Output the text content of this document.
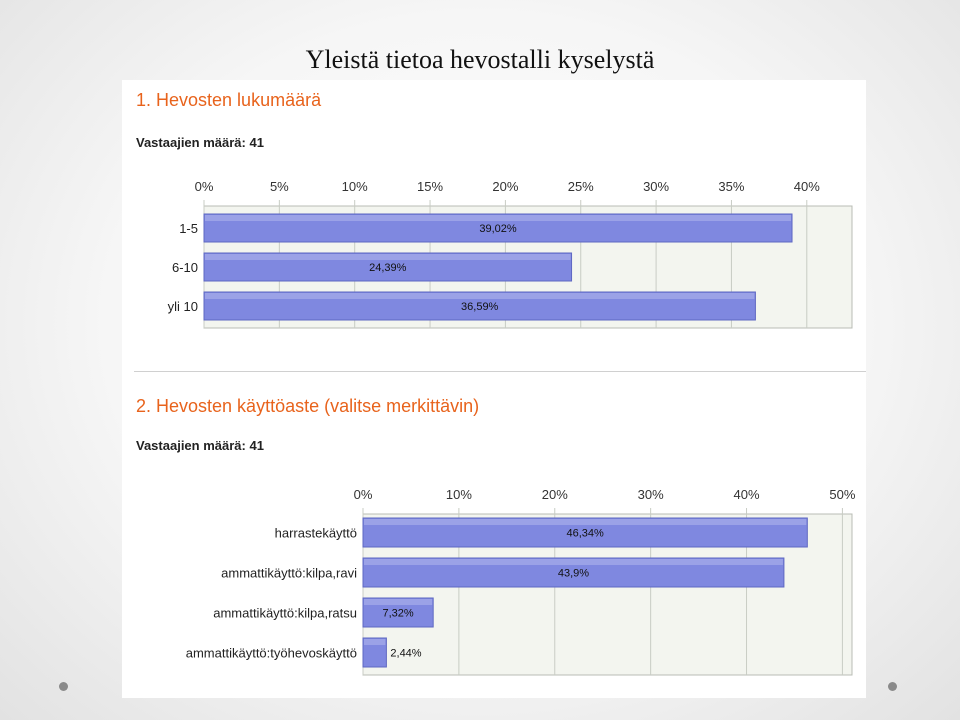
Yleistä tietoa hevostalli kyselystä
1. Hevosten lukumäärä
Vastaajien määrä: 41
0%	5%	10%	15%	20%	25%	30%	35%	40%
1-5	39,02%
6-10	24,39%
yli 10	36,59%
2. Hevosten käyttöaste (valitse merkittävin)
Vastaajien määrä: 41
0%	10%	20%	30%	40%	50%
harrastekäyttö	46,34%
ammattikäyttö:kilpa,ravi	43,9%
ammattikäyttö:kilpa,ratsu 7,32%
ammattikäyttö:työhevoskäyttö	2,44%
